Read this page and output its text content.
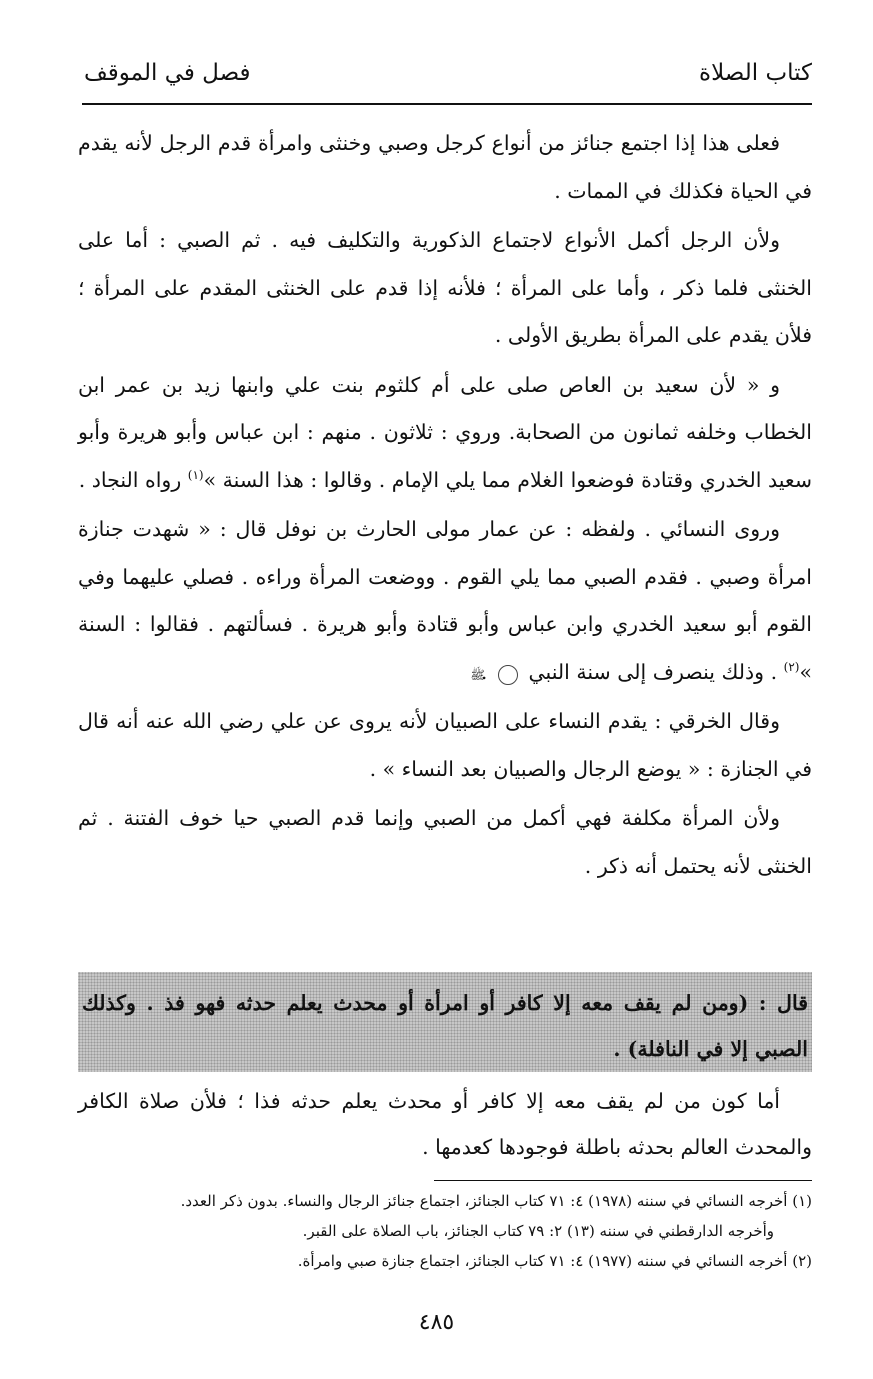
كتاب الصلاة
فصل في الموقف

فعلى هذا إذا اجتمع جنائز من أنواع كرجل وصبي وخنثى وامرأة قدم الرجل لأنه يقدم في الحياة فكذلك في الممات .

ولأن الرجل أكمل الأنواع لاجتماع الذكورية والتكليف فيه . ثم الصبي : أما على الخنثى فلما ذكر ، وأما على المرأة ؛ فلأنه إذا قدم على الخنثى المقدم على المرأة ؛ فلأن يقدم على المرأة بطريق الأولى .

و « لأن سعيد بن العاص صلى على أم كلثوم بنت علي وابنها زيد بن عمر ابن الخطاب وخلفه ثمانون من الصحابة. وروي : ثلاثون . منهم : ابن عباس وأبو هريرة وأبو سعيد الخدري وقتادة فوضعوا الغلام مما يلي الإمام . وقالوا : هذا السنة »$^{(١)}$ رواه النجاد .

وروى النسائي . ولفظه : عن عمار مولى الحارث بن نوفل قال : « شهدت جنازة امرأة وصبي . فقدم الصبي مما يلي القوم . ووضعت المرأة وراءه . فصلي عليهما وفي القوم أبو سعيد الخدري وابن عباس وأبو قتادة وأبو هريرة . فسألتهم . فقالوا : السنة »$^{(٢)}$ . وذلك ينصرف إلى سنة النبي ﷺ .

وقال الخرقي : يقدم النساء على الصبيان لأنه يروى عن علي رضي الله عنه أنه قال في الجنازة : « يوضع الرجال والصبيان بعد النساء » .

ولأن المرأة مكلفة فهي أكمل من الصبي وإنما قدم الصبي حيا خوف الفتنة . ثم الخنثى لأنه يحتمل أنه ذكر .

قال : (ومن لم يقف معه إلا كافر أو امرأة أو محدث يعلم حدثه فهو فذ . وكذلك الصبي إلا في النافلة) .

أما كون من لم يقف معه إلا كافر أو محدث يعلم حدثه فذا ؛ فلأن صلاة الكافر والمحدث العالم بحدثه باطلة فوجودها كعدمها .

(١) أخرجه النسائي في سننه (١٩٧٨) ٤: ٧١ كتاب الجنائز، اجتماع جنائز الرجال والنساء. بدون ذكر العدد.
وأخرجه الدارقطني في سننه (١٣) ٢: ٧٩ كتاب الجنائز، باب الصلاة على القبر.
(٢) أخرجه النسائي في سننه (١٩٧٧) ٤: ٧١ كتاب الجنائز، اجتماع جنازة صبي وامرأة.
٤٨٥
